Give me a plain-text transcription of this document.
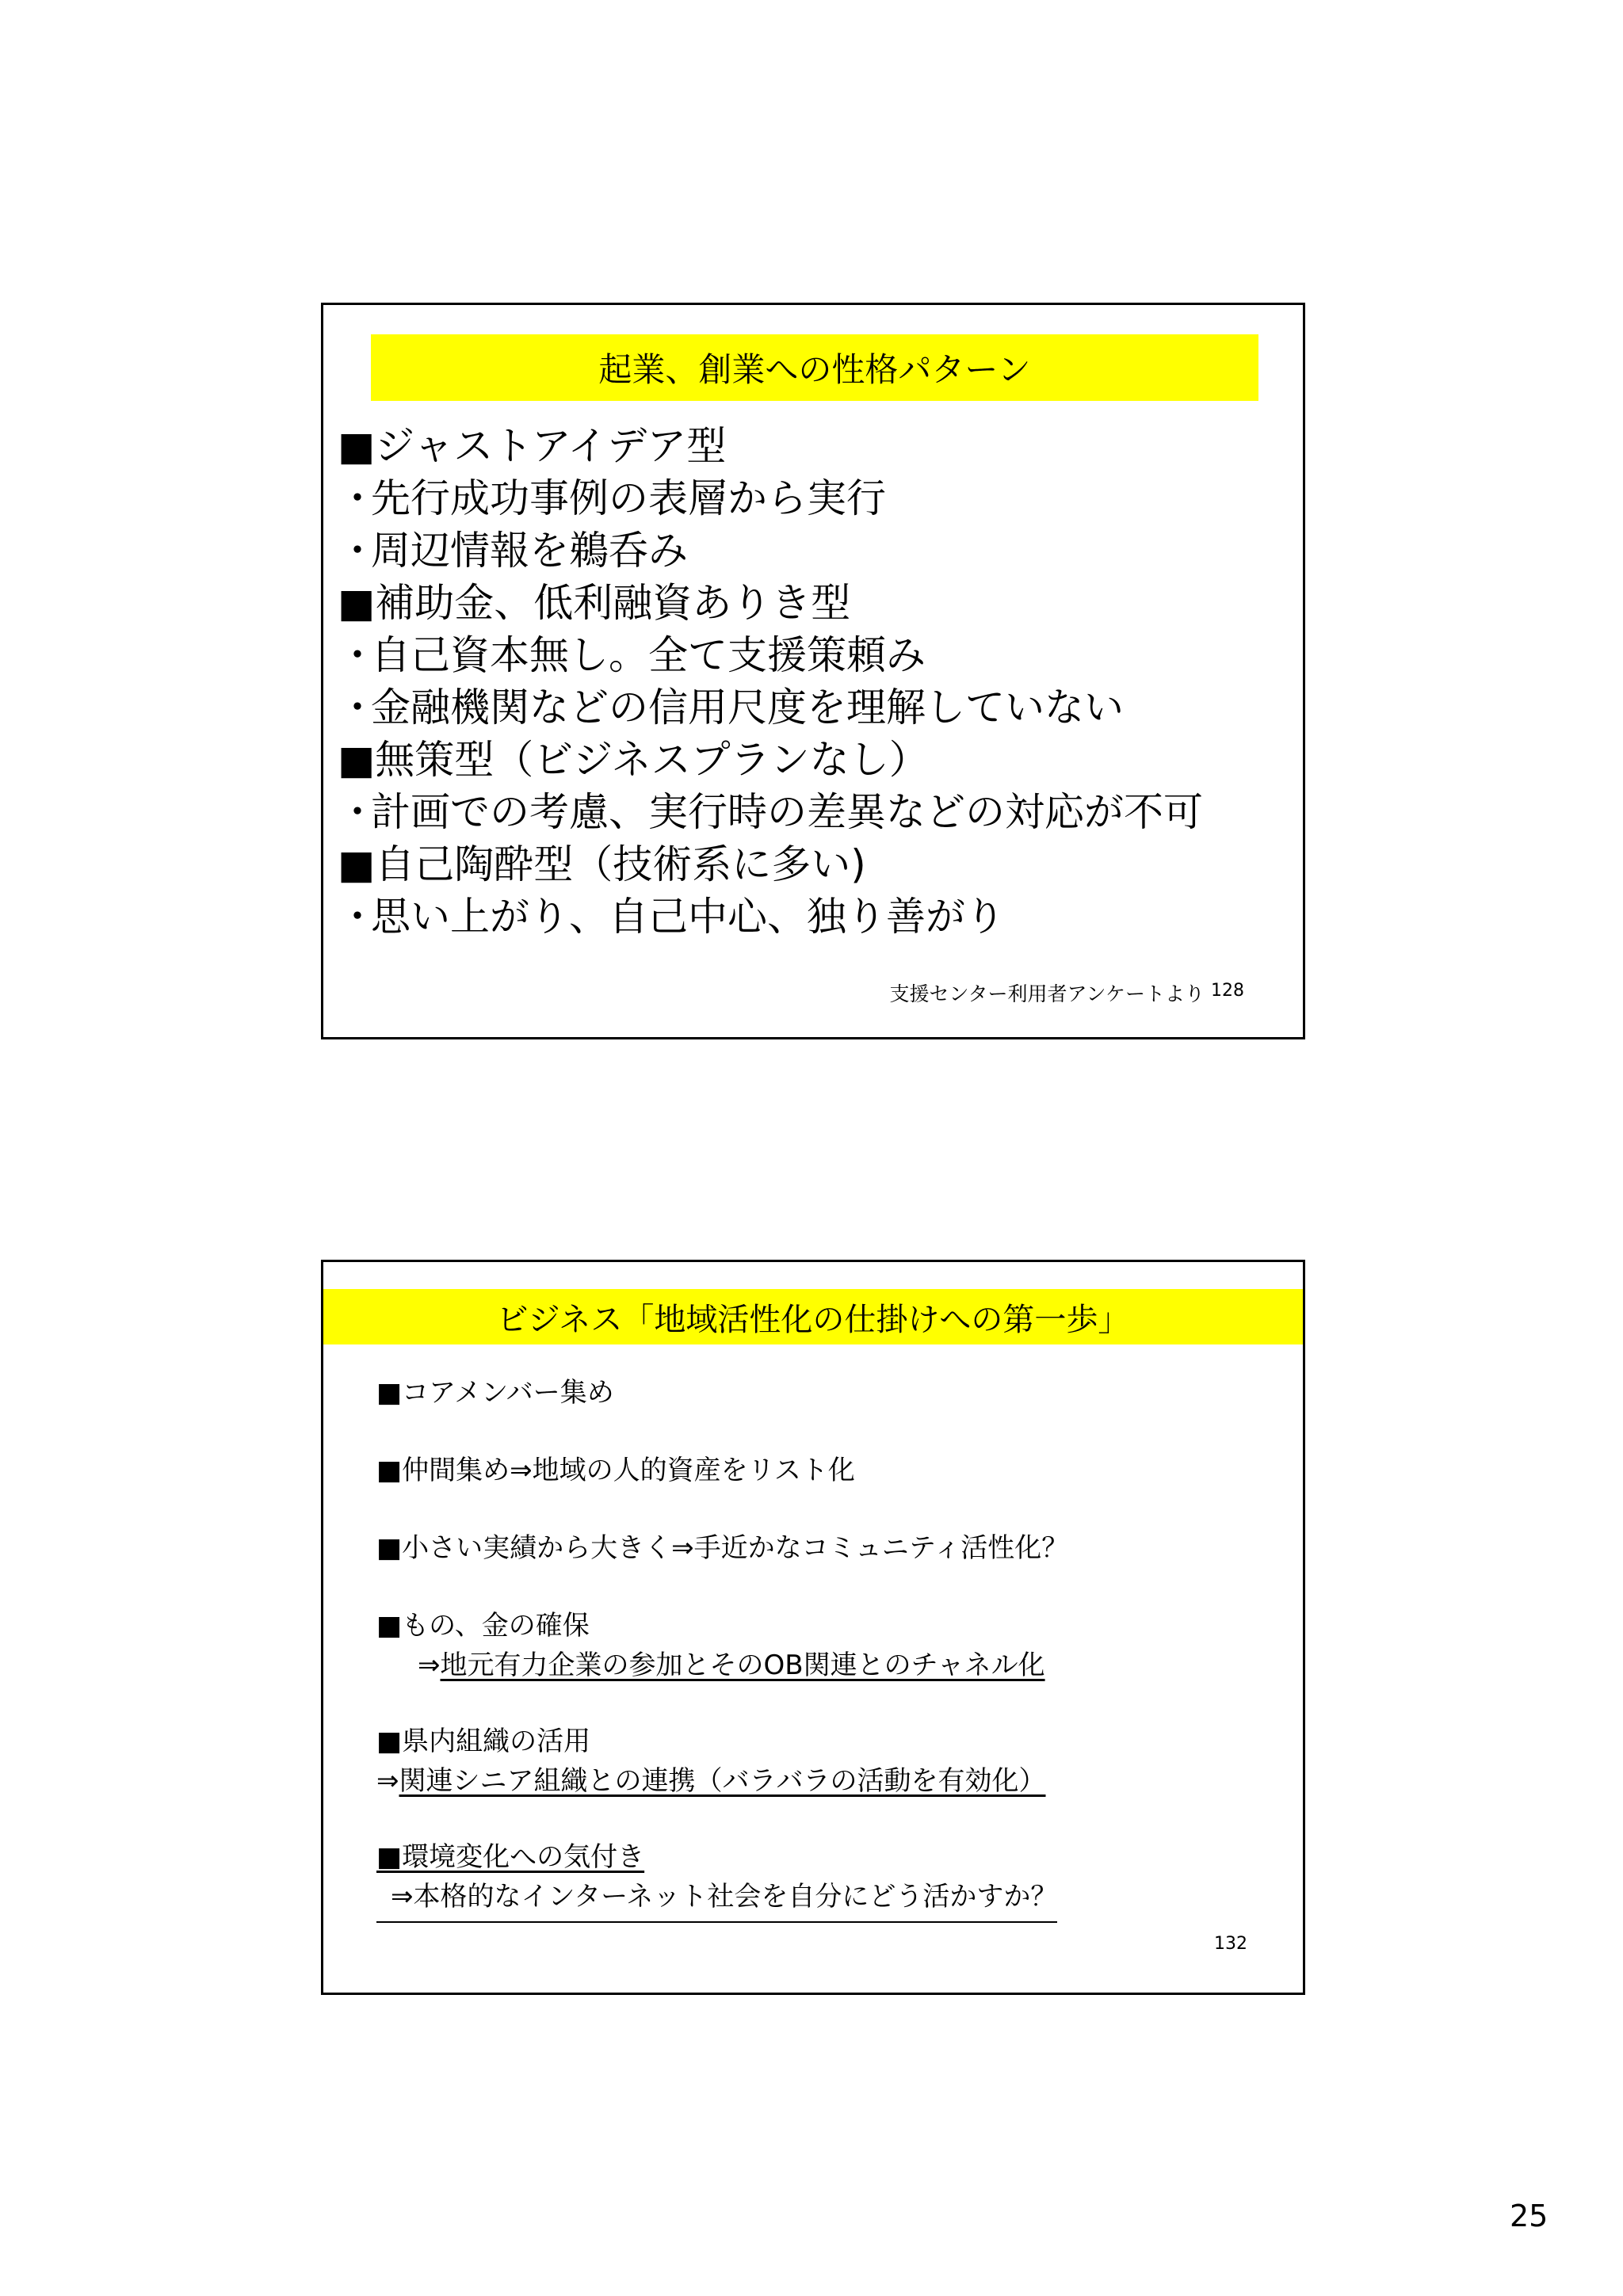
起業、創業への性格パターン
■ジャストアイデア型
・ 先行成功事例の表層から実行
・ 周辺情報を鵜呑み
■補助金、低利融資ありき型
・ 自己資本無し。全て支援策頼み
・ 金融機関などの信用尺度を理解していない
■無策型（ビジネスプランなし）
・ 計画での考慮、実行時の差異などの対応が不可
■自己陶酔型（技術系に多い)
・ 思い上がり、自己中心、独り善がり
支援センター利用者アンケートより 128
ビジネス「地域活性化の仕掛けへの第一歩」
■コアメンバー集め
■仲間集め⇒地域の人的資産をリスト化
■小さい実績から大きく⇒手近かなコミュニティ活性化？
■もの、金の確保
⇒地元有力企業の参加とそのOB関連とのチャネル化
■県内組織の活用
⇒関連シニア組織との連携（バラバラの活動を有効化）
■環境変化への気付き
⇒本格的なインターネット社会を自分にどう活かすか？
132
25
